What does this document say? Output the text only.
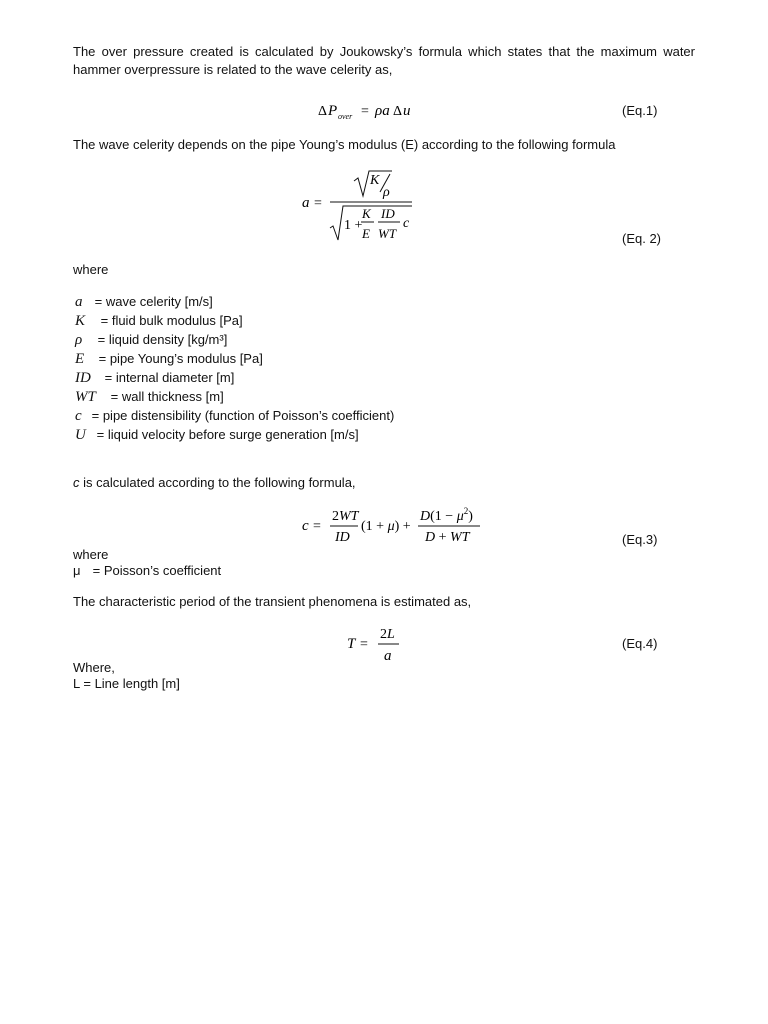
The over pressure created is calculated by Joukowsky’s formula which states that the maximum water hammer overpressure is related to the wave celerity as,
Δ P over = ρa Δ u	(Eq.1)
The wave celerity depends on the pipe Young’s modulus (E) according to the following formula
a =
K
ρ
1 +
K
E
ID
WT
c
(Eq. 2)
where
a = wave celerity [m/s]
K = fluid bulk modulus [Pa]
ρ = liquid density [kg/m³]
E = pipe Young’s modulus [Pa]
ID = internal diameter [m]
WT = wall thickness [m]
c = pipe distensibility (function of Poisson’s coefficient)
U = liquid velocity before surge generation [m/s]
c is calculated according to the following formula,
c =
2WT
ID
(1 + μ) +
$D(1 - \mu^2)$
D + WT	(Eq.3)
where
μ = Poisson’s coefficient
The characteristic period of the transient phenomena is estimated as,
T =
2L
a
(Eq.4)
Where,
L = Line length [m]
